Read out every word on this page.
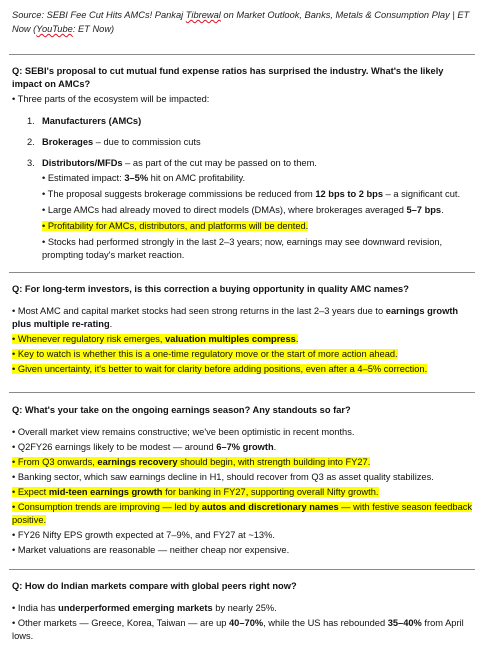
Source: SEBI Fee Cut Hits AMCs! Pankaj Tibrewal on Market Outlook, Banks, Metals & Consumption Play | ET Now (YouTube: ET Now)

Q: SEBI's proposal to cut mutual fund expense ratios has surprised the industry. What's the likely impact on AMCs?

• Three parts of the ecosystem will be impacted:

1. Manufacturers (AMCs)

2. Brokerages – due to commission cuts

3. Distributors/MFDs – as part of the cut may be passed on to them.

• Estimated impact: 3–5% hit on AMC profitability.

• The proposal suggests brokerage commissions be reduced from 12 bps to 2 bps – a significant cut.

• Large AMCs had already moved to direct models (DMAs), where brokerages averaged 5–7 bps.

• Profitability for AMCs, distributors, and platforms will be dented.

• Stocks had performed strongly in the last 2–3 years; now, earnings may see downward revision, prompting today's market reaction.

Q: For long-term investors, is this correction a buying opportunity in quality AMC names?

• Most AMC and capital market stocks had seen strong returns in the last 2–3 years due to earnings growth plus multiple re-rating.

• Whenever regulatory risk emerges, valuation multiples compress.

• Key to watch is whether this is a one-time regulatory move or the start of more action ahead.

• Given uncertainty, it's better to wait for clarity before adding positions, even after a 4–5% correction.

Q: What's your take on the ongoing earnings season? Any standouts so far?

• Overall market view remains constructive; we've been optimistic in recent months.

• Q2FY26 earnings likely to be modest — around 6–7% growth.

• From Q3 onwards, earnings recovery should begin, with strength building into FY27.

• Banking sector, which saw earnings decline in H1, should recover from Q3 as asset quality stabilizes.

• Expect mid-teen earnings growth for banking in FY27, supporting overall Nifty growth.

• Consumption trends are improving — led by autos and discretionary names — with festive season feedback positive.

• FY26 Nifty EPS growth expected at 7–9%, and FY27 at ~13%.

• Market valuations are reasonable — neither cheap nor expensive.

Q: How do Indian markets compare with global peers right now?

• India has underperformed emerging markets by nearly 25%.

• Other markets — Greece, Korea, Taiwan — are up 40–70%, while the US has rebounded 35–40% from April lows.
